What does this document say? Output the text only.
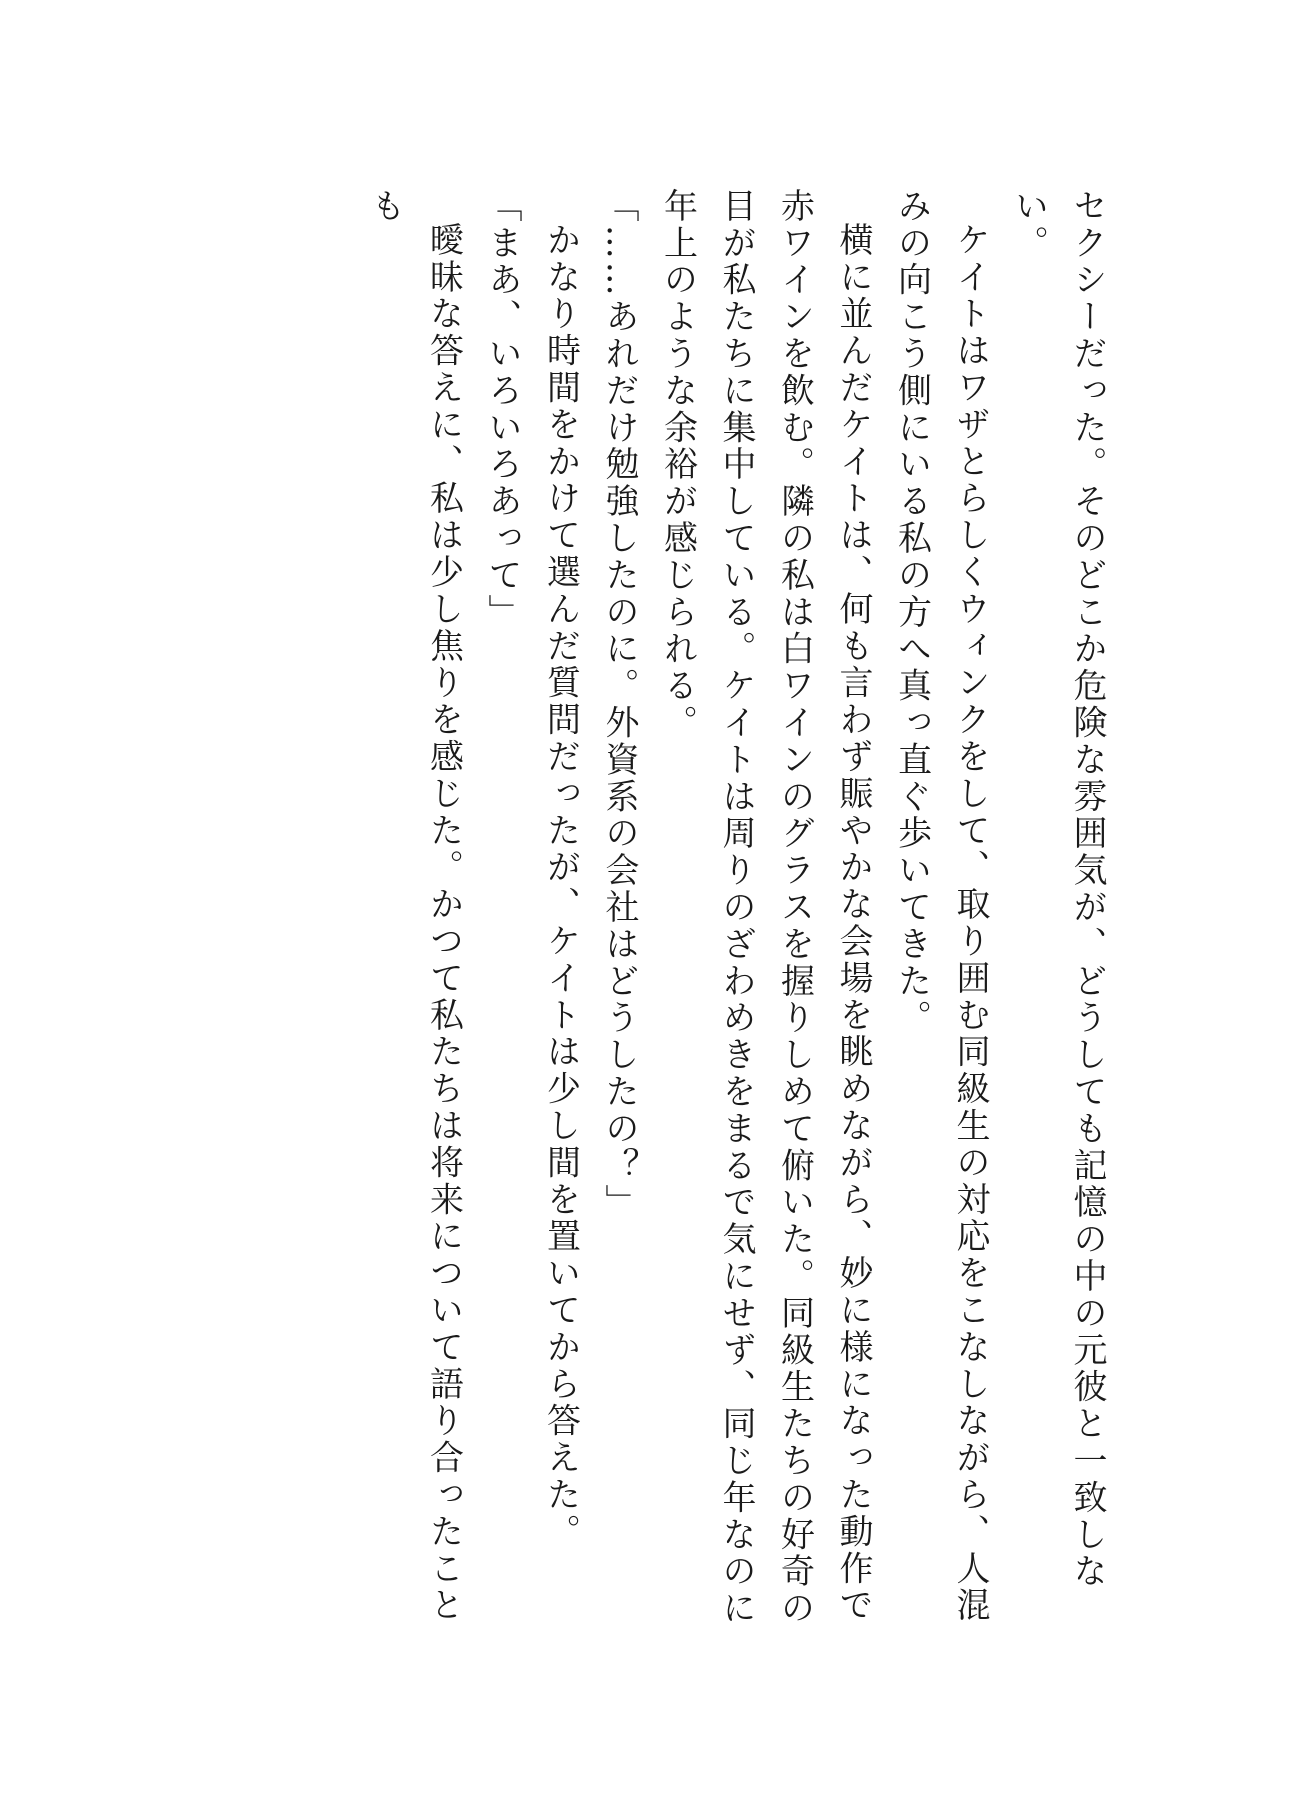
セクシーだった。そのどこか危険な雰囲気が、どうしても記憶の中の元彼と一致しない。

ケイトはワザとらしくウィンクをして、取り囲む同級生の対応をこなしながら、人混みの向こう側にいる私の方へ真っ直ぐ歩いてきた。

横に並んだケイトは、何も言わず賑やかな会場を眺めながら、妙に様になった動作で赤ワインを飲む。隣の私は白ワインのグラスを握りしめて俯いた。同級生たちの好奇の目が私たちに集中している。ケイトは周りのざわめきをまるで気にせず、同じ年なのに年上のような余裕が感じられる。

「……あれだけ勉強したのに。外資系の会社はどうしたの？」

かなり時間をかけて選んだ質問だったが、ケイトは少し間を置いてから答えた。

「まあ、いろいろあって」

曖昧な答えに、私は少し焦りを感じた。かつて私たちは将来について語り合ったことも
